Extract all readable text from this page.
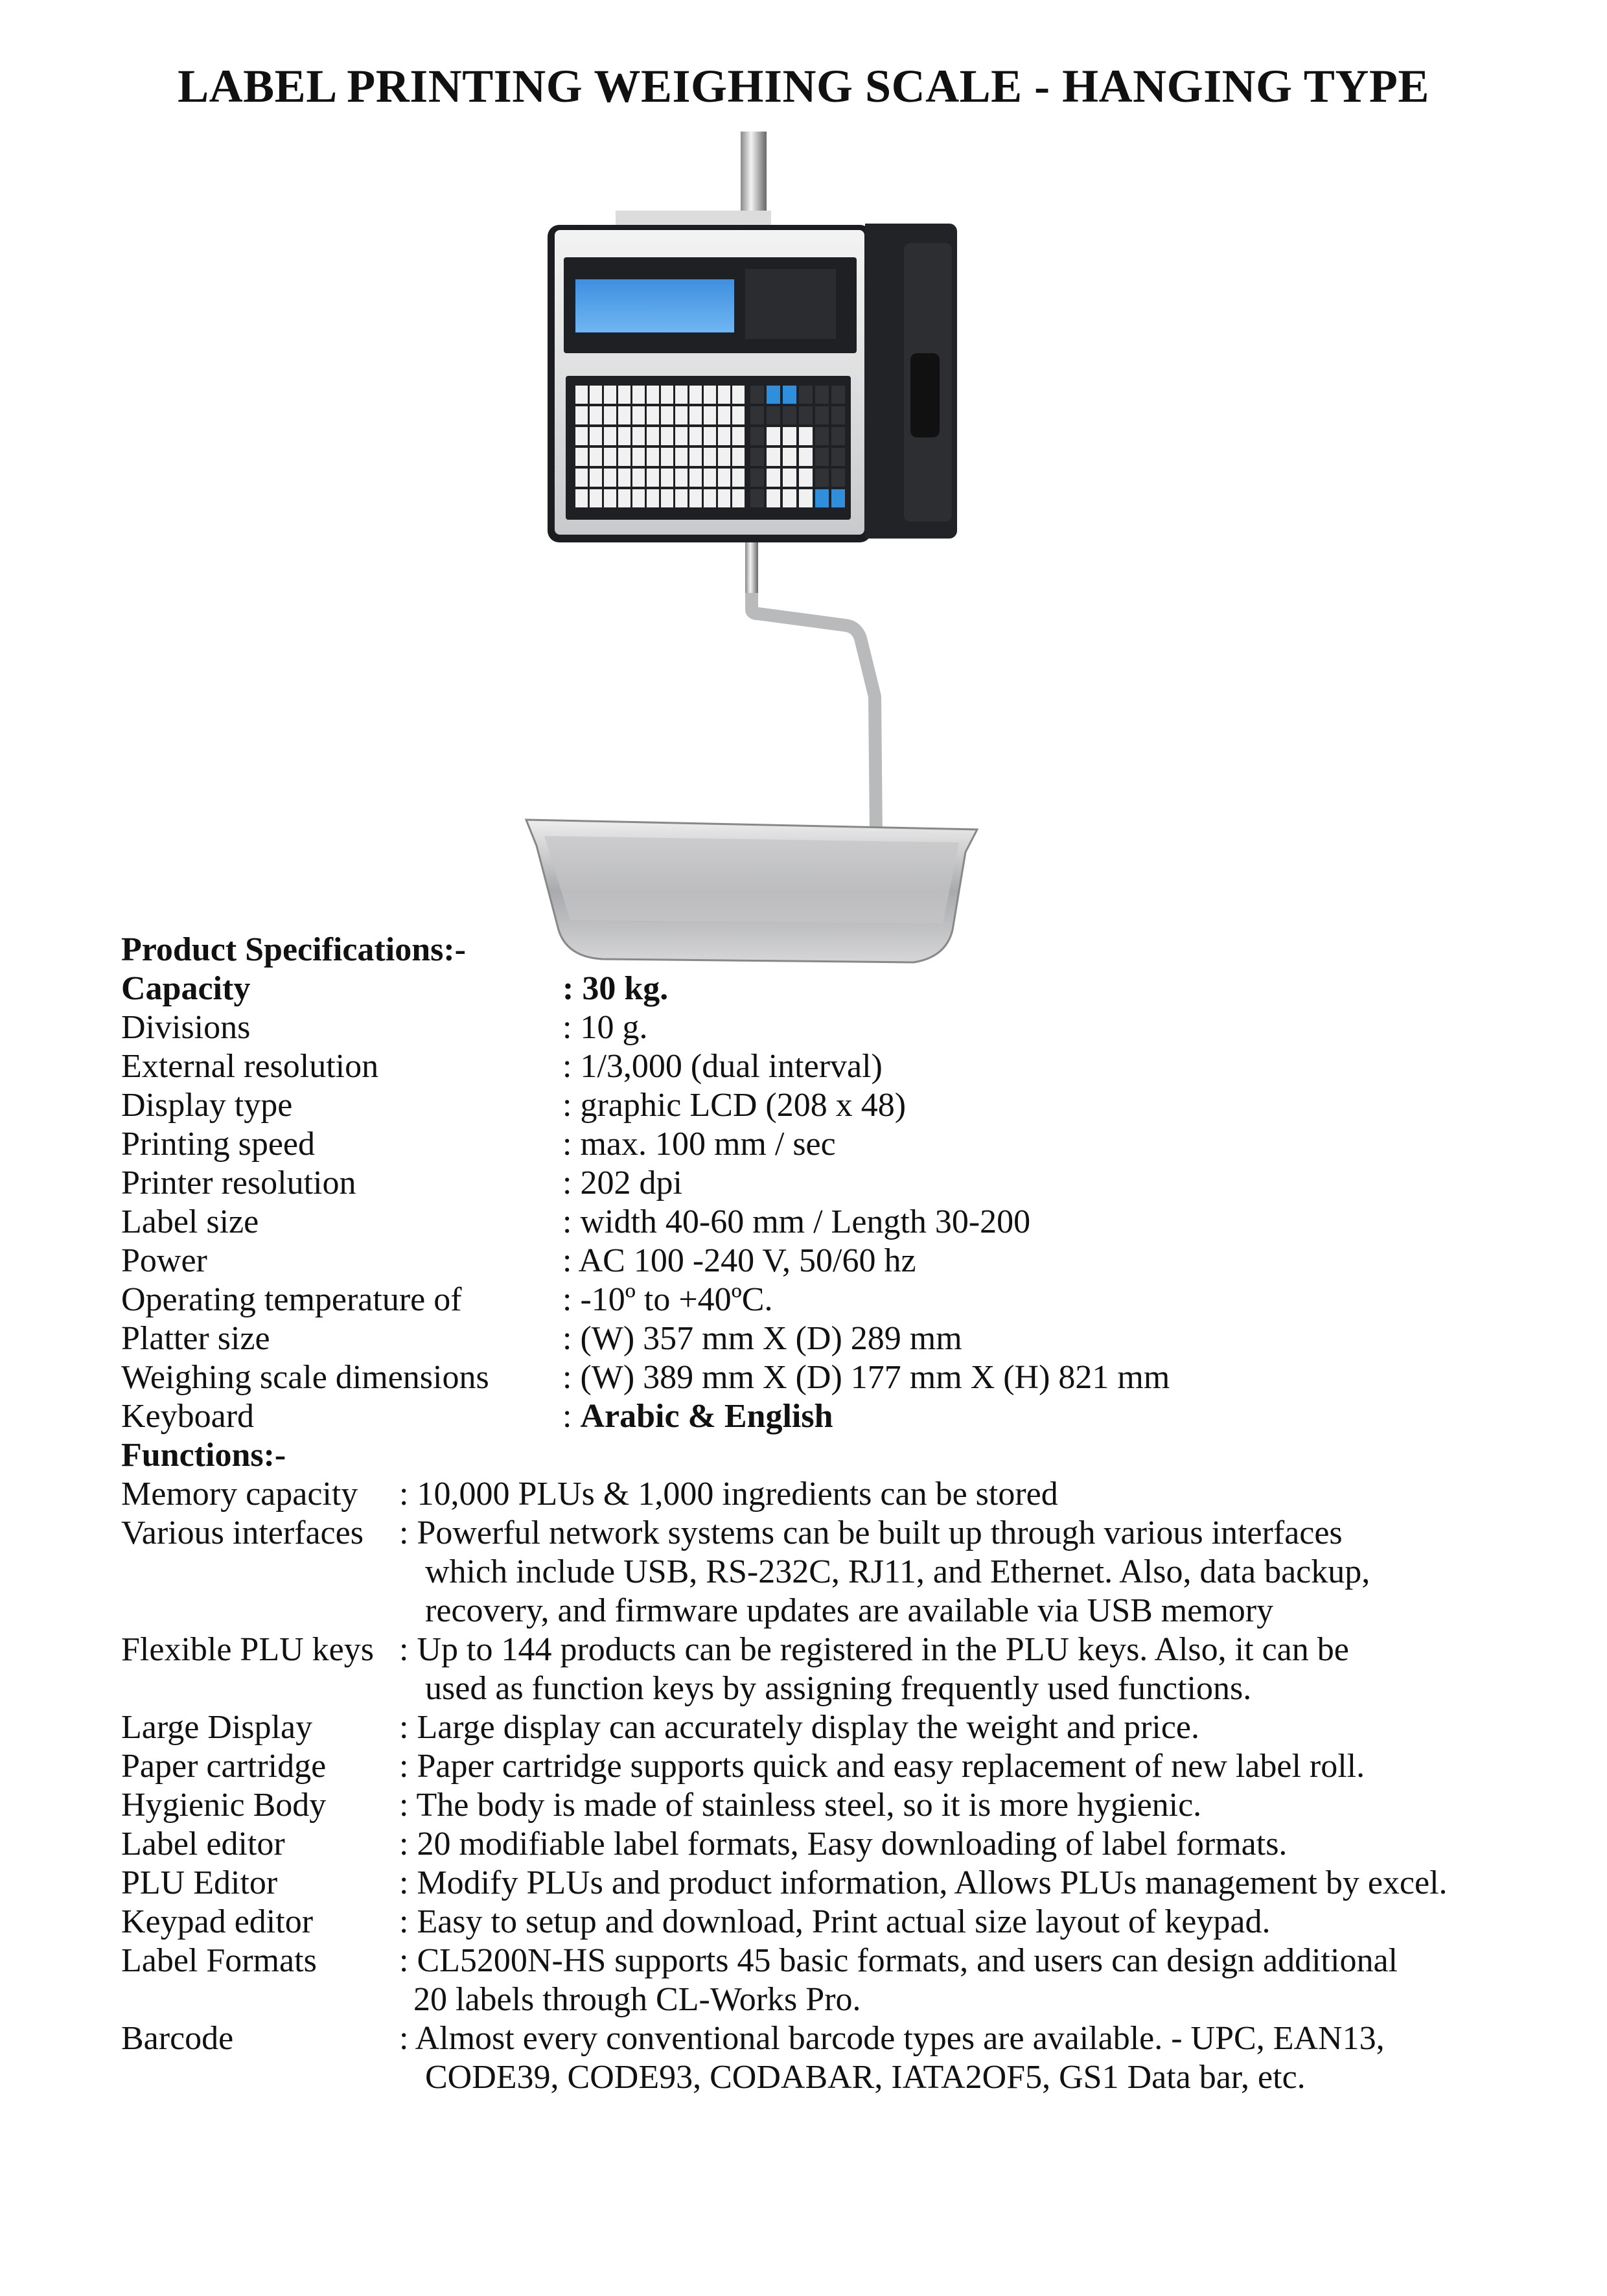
LABEL PRINTING WEIGHING SCALE - HANGING TYPE
Product Specifications:-
Capacity	: 30 kg.
Divisions	: 10 g.
External resolution	: 1/3,000 (dual interval)
Display type	: graphic LCD (208 x 48)
Printing speed	: max. 100 mm / sec
Printer resolution	: 202 dpi
Label size	: width 40-60 mm / Length 30-200
Power	: AC 100 -240 V, 50/60 hz
Operating temperature of	: -10º to +40ºC.
Platter size	: (W) 357 mm X (D) 289 mm
Weighing scale dimensions	: (W) 389 mm X (D) 177 mm X (H) 821 mm
Keyboard	: Arabic & English
Functions:-
Memory capacity	: 10,000 PLUs & 1,000 ingredients can be stored
Various interfaces	: Powerful network systems can be built up through various interfaces
which include USB, RS-232C, RJ11, and Ethernet. Also, data backup,
recovery, and firmware updates are available via USB memory
Flexible PLU keys : Up to 144 products can be registered in the PLU keys. Also, it can be
used as function keys by assigning frequently used functions.
Large Display	: Large display can accurately display the weight and price.
Paper cartridge	: Paper cartridge supports quick and easy replacement of new label roll.
Hygienic Body	: The body is made of stainless steel, so it is more hygienic.
Label editor	: 20 modifiable label formats, Easy downloading of label formats.
PLU Editor	: Modify PLUs and product information, Allows PLUs management by excel.
Keypad editor	: Easy to setup and download, Print actual size layout of keypad.
Label Formats	: CL5200N-HS supports 45 basic formats, and users can design additional
20 labels through CL-Works Pro.
Barcode	: Almost every conventional barcode types are available. - UPC, EAN13,
CODE39, CODE93, CODABAR, IATA2OF5, GS1 Data bar, etc.
